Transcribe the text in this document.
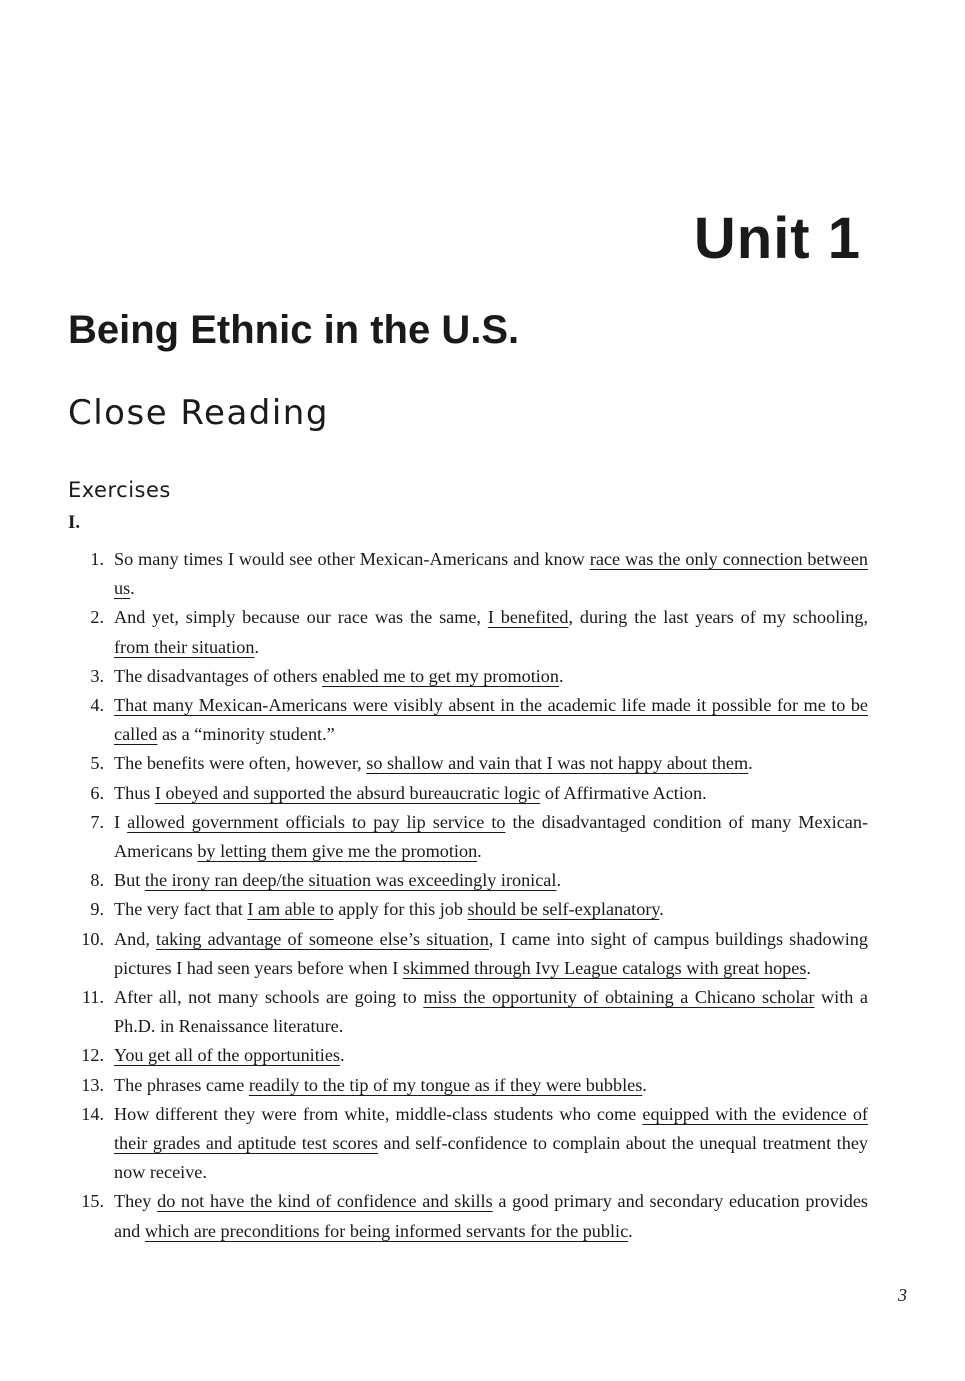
Unit 1
Being Ethnic in the U.S.
Close Reading
Exercises
I.
1. So many times I would see other Mexican-Americans and know race was the only connection between us.
2. And yet, simply because our race was the same, I benefited, during the last years of my schooling, from their situation.
3. The disadvantages of others enabled me to get my promotion.
4. That many Mexican-Americans were visibly absent in the academic life made it possible for me to be called as a “minority student.”
5. The benefits were often, however, so shallow and vain that I was not happy about them.
6. Thus I obeyed and supported the absurd bureaucratic logic of Affirmative Action.
7. I allowed government officials to pay lip service to the disadvantaged condition of many Mexican-Americans by letting them give me the promotion.
8. But the irony ran deep/the situation was exceedingly ironical.
9. The very fact that I am able to apply for this job should be self-explanatory.
10. And, taking advantage of someone else’s situation, I came into sight of campus buildings shadowing pictures I had seen years before when I skimmed through Ivy League catalogs with great hopes.
11. After all, not many schools are going to miss the opportunity of obtaining a Chicano scholar with a Ph.D. in Renaissance literature.
12. You get all of the opportunities.
13. The phrases came readily to the tip of my tongue as if they were bubbles.
14. How different they were from white, middle-class students who come equipped with the evidence of their grades and aptitude test scores and self-confidence to complain about the unequal treatment they now receive.
15. They do not have the kind of confidence and skills a good primary and secondary education provides and which are preconditions for being informed servants for the public.
3
